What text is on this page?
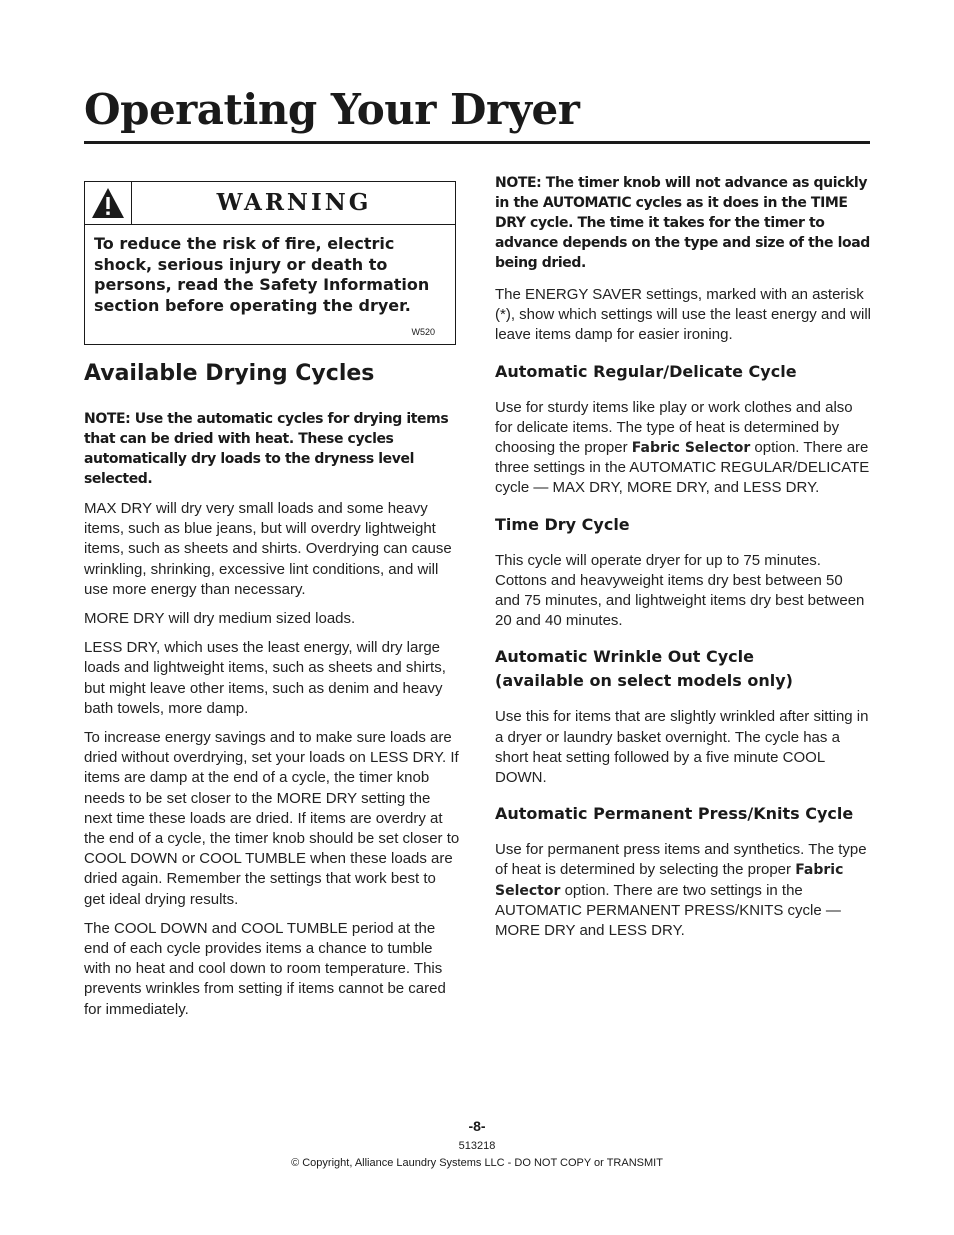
Operating Your Dryer
WARNING

To reduce the risk of fire, electric shock, serious injury or death to persons, read the Safety Information section before operating the dryer.

W520
Available Drying Cycles

NOTE: Use the automatic cycles for drying items that can be dried with heat. These cycles automatically dry loads to the dryness level selected.

MAX DRY will dry very small loads and some heavy items, such as blue jeans, but will overdry lightweight items, such as sheets and shirts. Overdrying can cause wrinkling, shrinking, excessive lint conditions, and will use more energy than necessary.

MORE DRY will dry medium sized loads.

LESS DRY, which uses the least energy, will dry large loads and lightweight items, such as sheets and shirts, but might leave other items, such as denim and heavy bath towels, more damp.

To increase energy savings and to make sure loads are dried without overdrying, set your loads on LESS DRY. If items are damp at the end of a cycle, the timer knob needs to be set closer to the MORE DRY setting the next time these loads are dried. If items are overdry at the end of a cycle, the timer knob should be set closer to COOL DOWN or COOL TUMBLE when these loads are dried again. Remember the settings that work best to get ideal drying results.

The COOL DOWN and COOL TUMBLE period at the end of each cycle provides items a chance to tumble with no heat and cool down to room temperature. This prevents wrinkles from setting if items cannot be cared for immediately.

NOTE: The timer knob will not advance as quickly in the AUTOMATIC cycles as it does in the TIME DRY cycle. The time it takes for the timer to advance depends on the type and size of the load being dried.

The ENERGY SAVER settings, marked with an asterisk (*), show which settings will use the least energy and will leave items damp for easier ironing.

Automatic Regular/Delicate Cycle

Use for sturdy items like play or work clothes and also for delicate items. The type of heat is determined by choosing the proper Fabric Selector option. There are three settings in the AUTOMATIC REGULAR/DELICATE cycle — MAX DRY, MORE DRY, and LESS DRY.

Time Dry Cycle

This cycle will operate dryer for up to 75 minutes. Cottons and heavyweight items dry best between 50 and 75 minutes, and lightweight items dry best between 20 and 40 minutes.

Automatic Wrinkle Out Cycle
(available on select models only)

Use this for items that are slightly wrinkled after sitting in a dryer or laundry basket overnight. The cycle has a short heat setting followed by a five minute COOL DOWN.

Automatic Permanent Press/Knits Cycle

Use for permanent press items and synthetics. The type of heat is determined by selecting the proper Fabric Selector option. There are two settings in the AUTOMATIC PERMANENT PRESS/KNITS cycle — MORE DRY and LESS DRY.

-8-
513218
© Copyright, Alliance Laundry Systems LLC - DO NOT COPY or TRANSMIT
